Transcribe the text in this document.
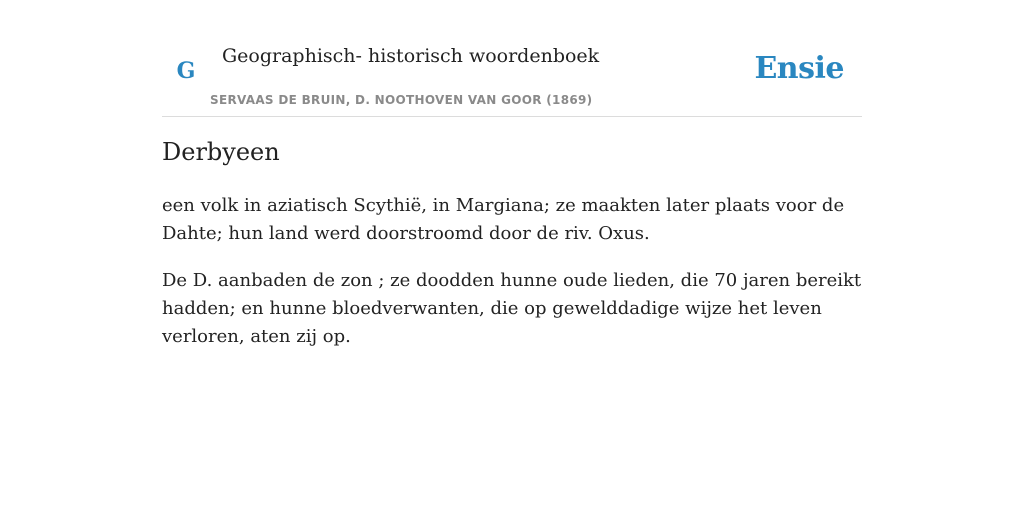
G
Geographisch- historisch woordenboek
SERVAAS DE BRUIN, D. NOOTHOVEN VAN GOOR (1869)
Ensie
Derbyeen

een volk in aziatisch Scythië, in Margiana; ze maakten later plaats voor de Dahte; hun land werd doorstroomd door de riv. Oxus.

De D. aanbaden de zon ; ze doodden hunne oude lieden, die 70 jaren bereikt hadden; en hunne bloedverwanten, die op gewelddadige wijze het leven verloren, aten zij op.
